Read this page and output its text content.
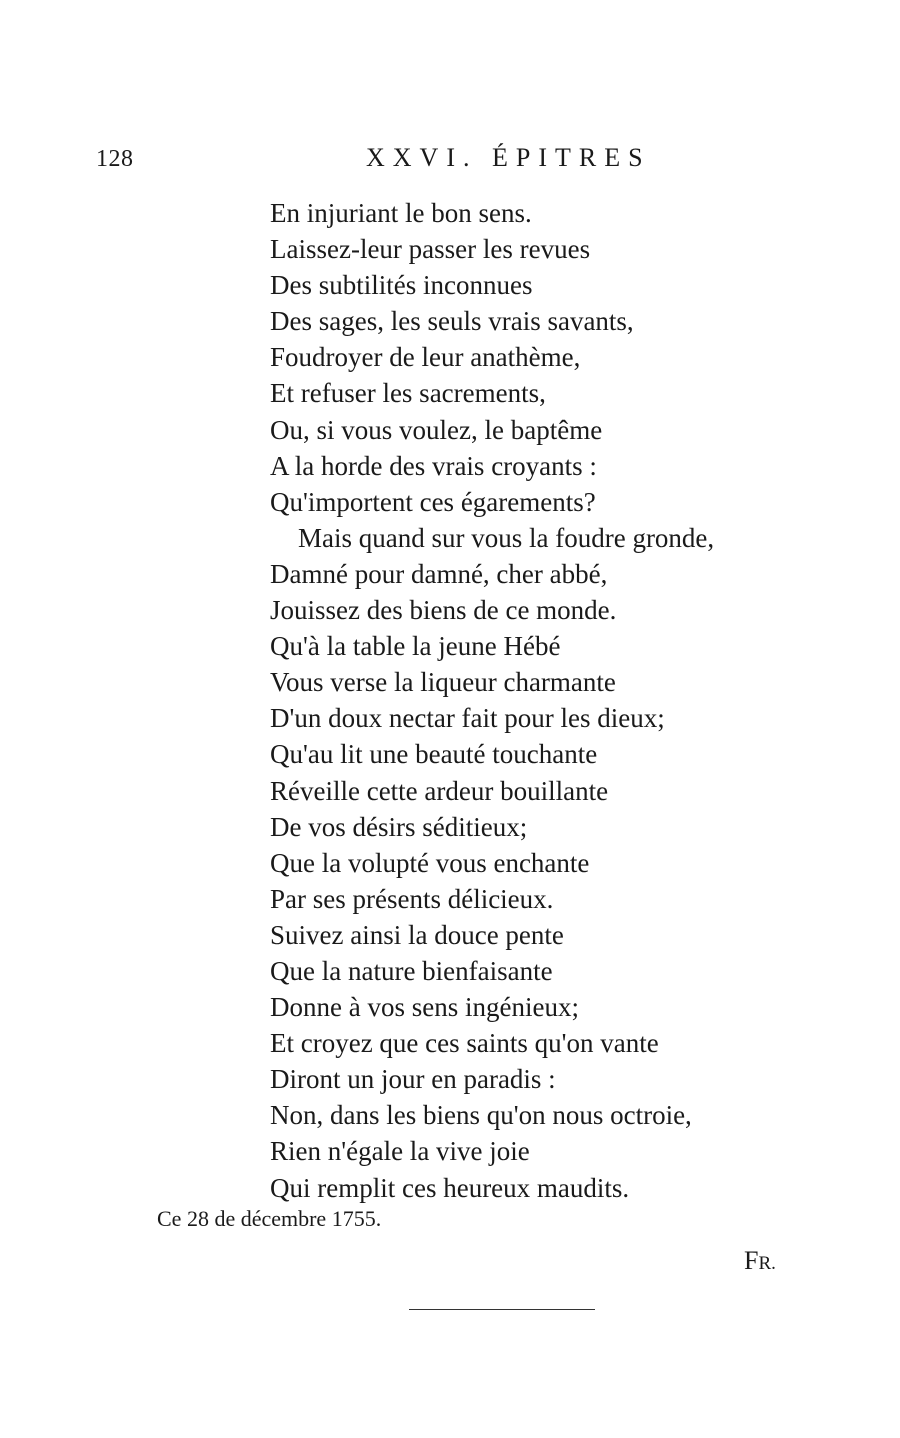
128	XXVI. ÉPITRES
En injuriant le bon sens.
Laissez-leur passer les revues
Des subtilités inconnues
Des sages, les seuls vrais savants,
Foudroyer de leur anathème,
Et refuser les sacrements,
Ou, si vous voulez, le baptême
A la horde des vrais croyants :
Qu'importent ces égarements?
Mais quand sur vous la foudre gronde,
Damné pour damné, cher abbé,
Jouissez des biens de ce monde.
Qu'à la table la jeune Hébé
Vous verse la liqueur charmante
D'un doux nectar fait pour les dieux;
Qu'au lit une beauté touchante
Réveille cette ardeur bouillante
De vos désirs séditieux;
Que la volupté vous enchante
Par ses présents délicieux.
Suivez ainsi la douce pente
Que la nature bienfaisante
Donne à vos sens ingénieux;
Et croyez que ces saints qu'on vante
Diront un jour en paradis :
Non, dans les biens qu'on nous octroie,
Rien n'égale la vive joie
Qui remplit ces heureux maudits.
Ce 28 de décembre 1755.
FR.
